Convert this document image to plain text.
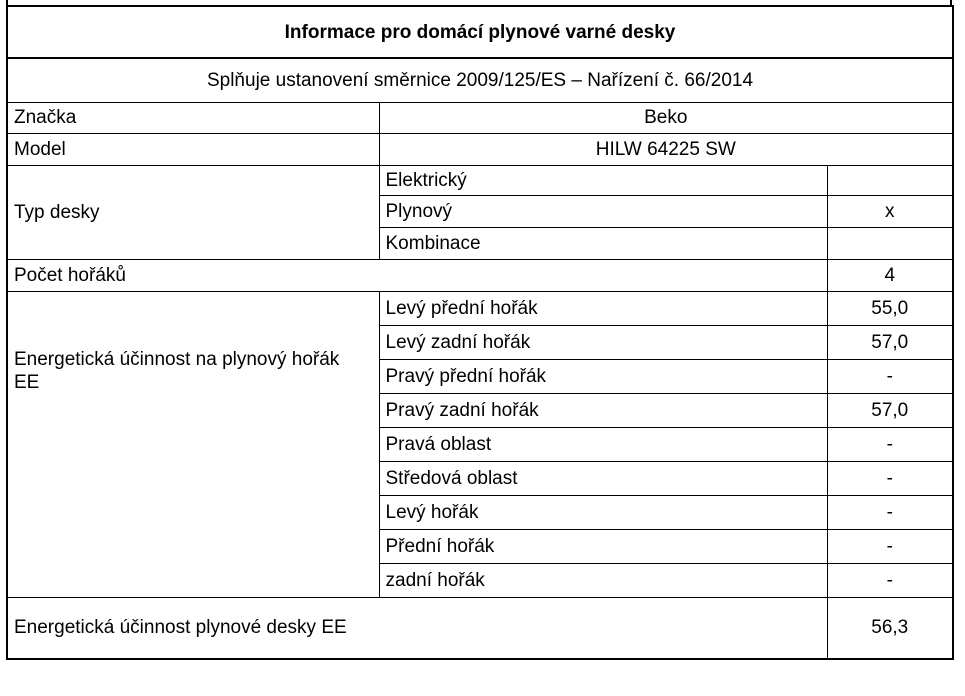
Informace pro domácí plynové varné desky		
Splňuje ustanovení směrnice 2009/125/ES – Nařízení č. 66/2014		
Značka	Beko	
Model	HILW 64225 SW	
Typ desky	Elektrický	
	Plynový	x
	Kombinace	
Počet hořáků		4

Energetická účinnost na plynový hořák EE	Levý přední hořák	55,0
	Levý zadní hořák	57,0
	Pravý přední hořák	-
	Pravý zadní hořák	57,0
	Pravá oblast	-
	Středová oblast	-
	Levý hořák	-
	Přední hořák	-
	zadní hořák	-
Energetická účinnost plynové desky EE		56,3
